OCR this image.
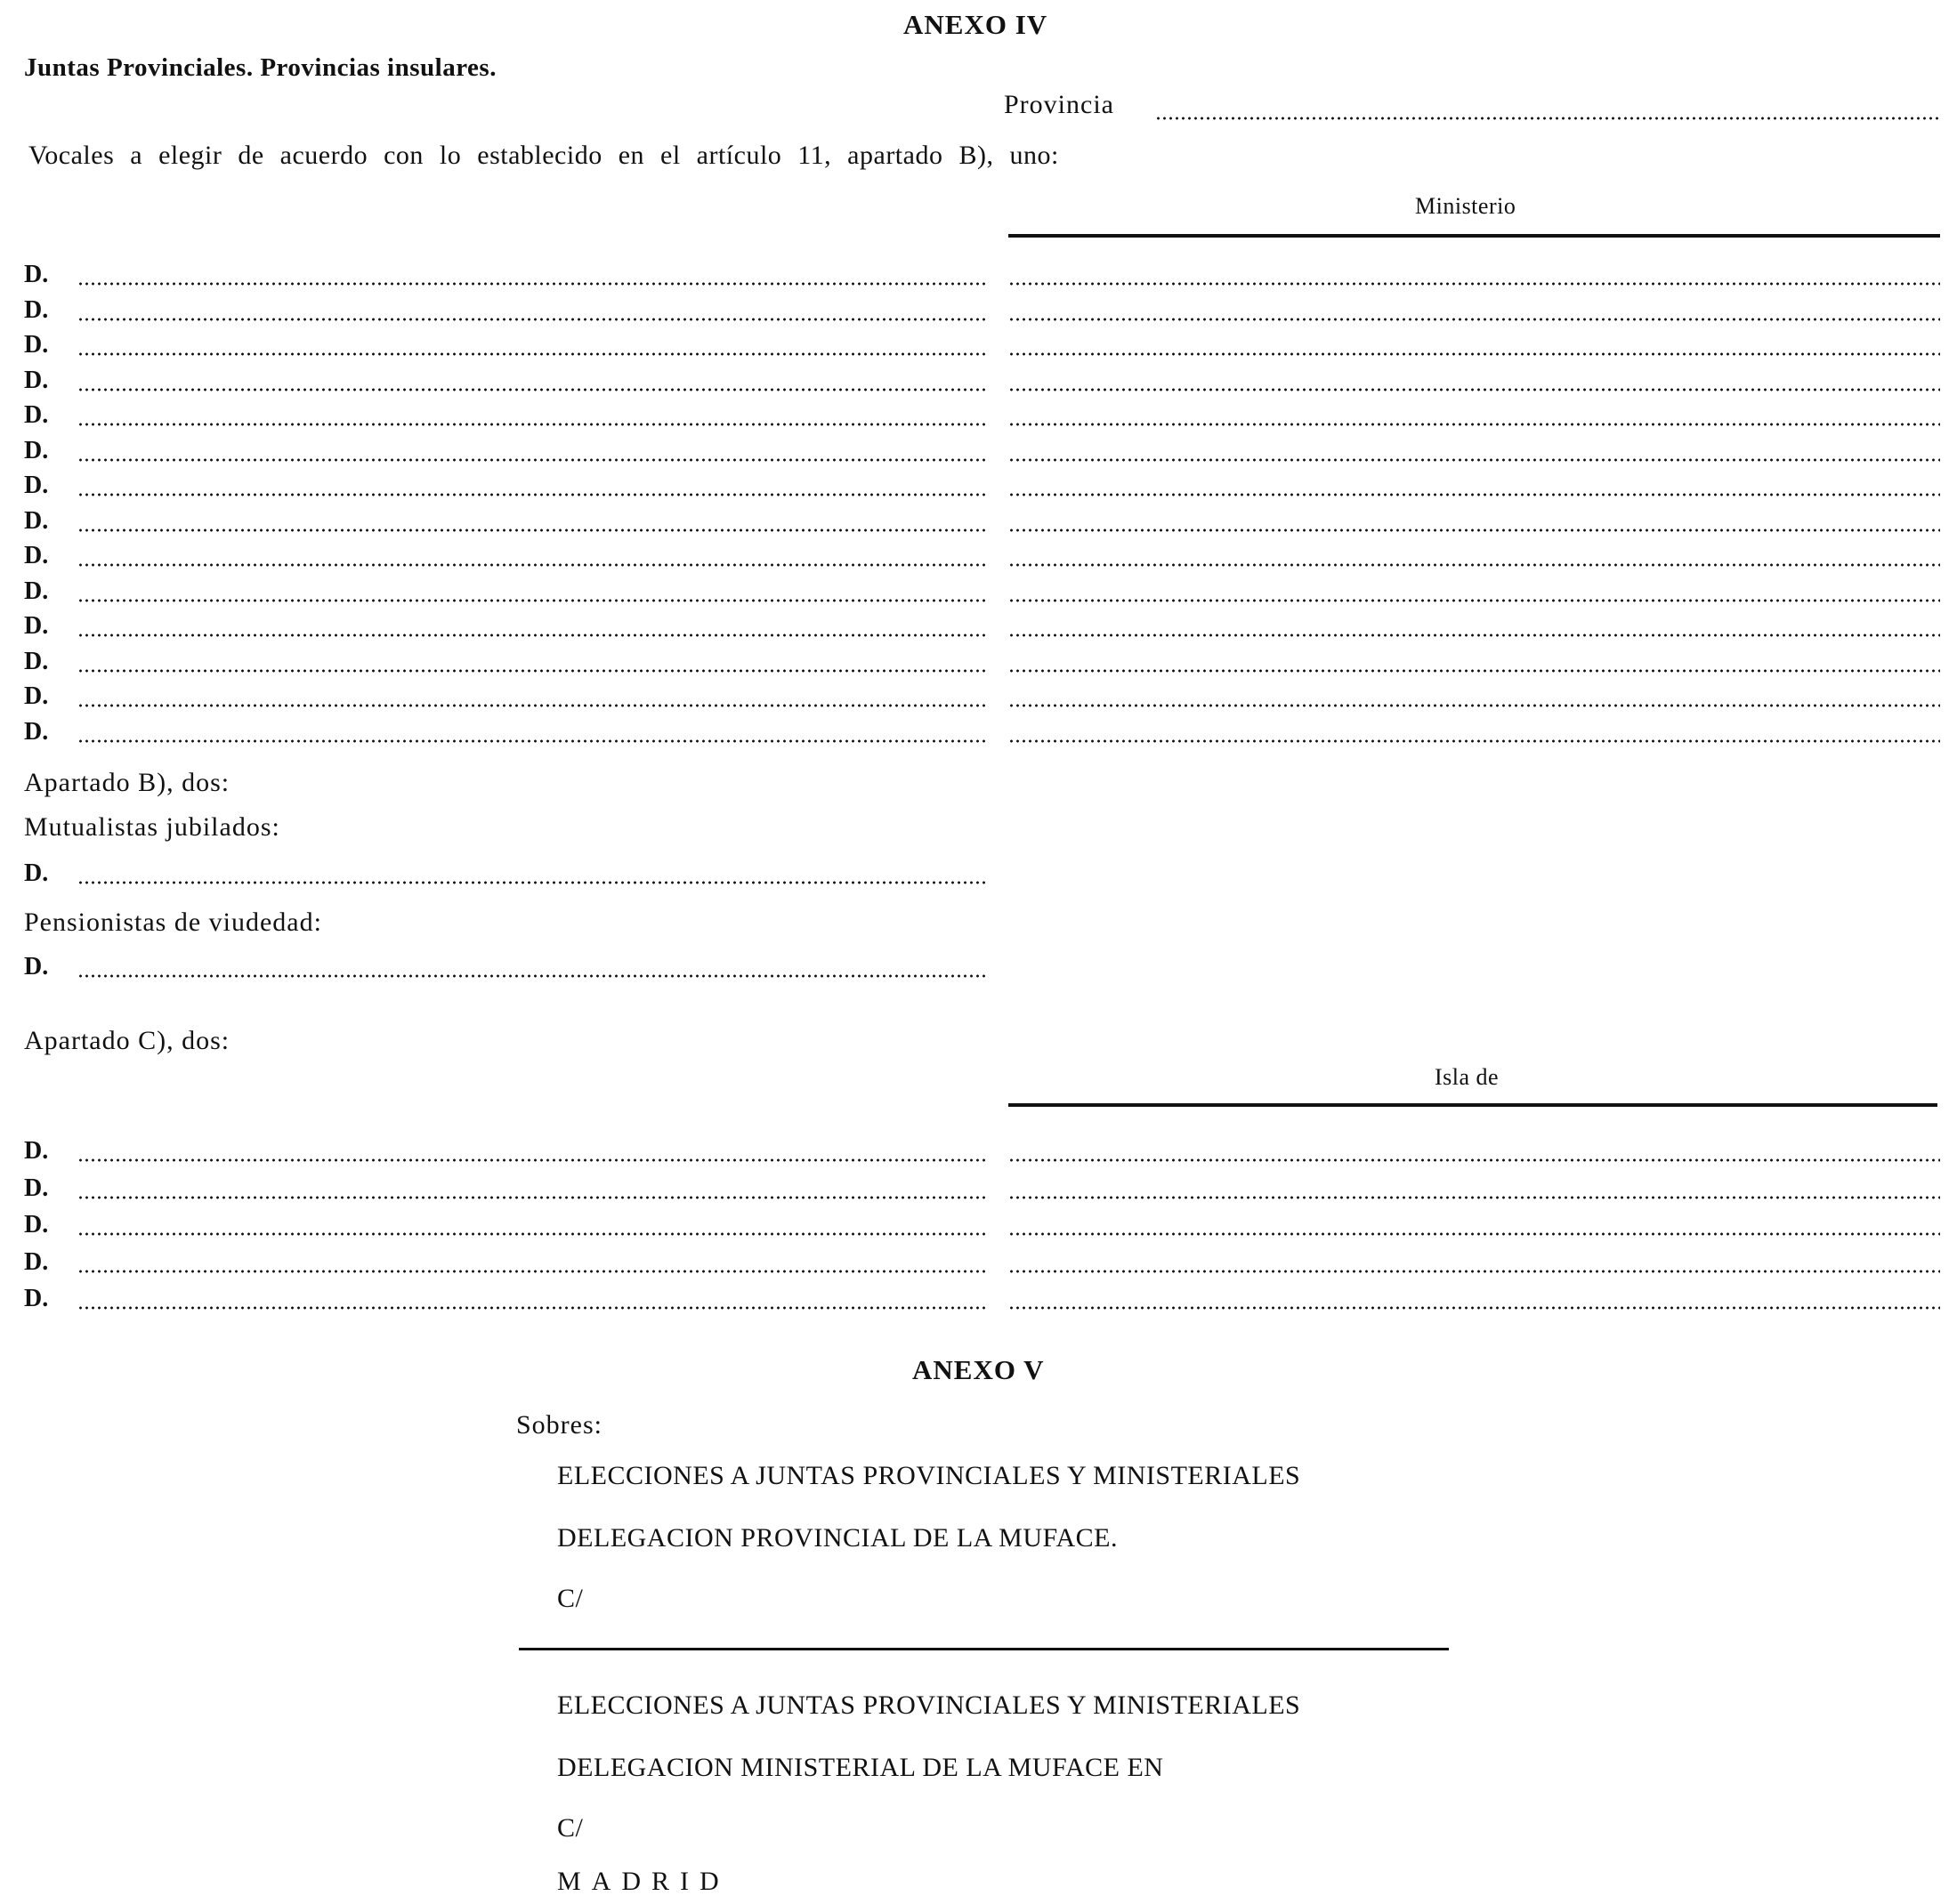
ANEXO IV
Juntas Provinciales. Provincias insulares.
Provincia
Vocales a elegir de acuerdo con lo establecido en el artículo 11, apartado B), uno:
Ministerio
D.
D.
D.
D.
D.
D.
D.
D.
D.
D.
D.
D.
D.
D.
Apartado B), dos:
Mutualistas jubilados:
D.
Pensionistas de viudedad:
D.
Apartado C), dos:
Isla de
D.
D.
D.
D.
D.
ANEXO V
Sobres:
ELECCIONES A JUNTAS PROVINCIALES Y MINISTERIALES
DELEGACION PROVINCIAL DE LA MUFACE.
C/
ELECCIONES A JUNTAS PROVINCIALES Y MINISTERIALES
DELEGACION MINISTERIAL DE LA MUFACE EN
C/
MADRID
